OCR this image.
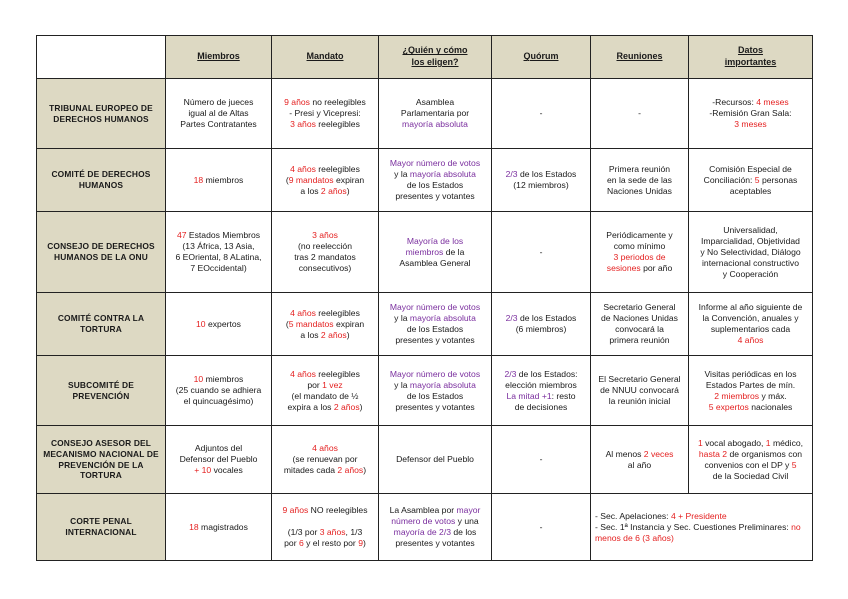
	Miembros	Mandato	¿Quién y cómo
los eligen?	Quórum	Reuniones	Datos
importantes
TRIBUNAL EUROPEO DE DERECHOS HUMANOS	Número de jueces
igual al de Altas
Partes Contratantes	9 años no reelegibles
- Presi y Vicepresi:
3 años reelegibles	Asamblea
Parlamentaria por
mayoría absoluta	-	-	-Recursos: 4 meses
-Remisión Gran Sala:
3 meses
COMITÉ DE DERECHOS HUMANOS	18 miembros	4 años reelegibles
(9 mandatos expiran
a los 2 años)	Mayor número de votos
y la mayoría absoluta
de los Estados
presentes y votantes	2/3 de los Estados
(12 miembros)	Primera reunión
en la sede de las
Naciones Unidas	Comisión Especial de
Conciliación: 5 personas
aceptables
CONSEJO DE DERECHOS HUMANOS DE LA ONU	47 Estados Miembros
(13 África, 13 Asia,
6 EOriental, 8 ALatina,
7 EOccidental)	3 años
(no reelección
tras 2 mandatos
consecutivos)	Mayoría de los
miembros de la
Asamblea General	-	Periódicamente y
como mínimo
3 periodos de
sesiones por año	Universalidad,
Imparcialidad, Objetividad
y No Selectividad, Diálogo
internacional constructivo
y Cooperación
COMITÉ CONTRA LA TORTURA	10 expertos	4 años reelegibles
(5 mandatos expiran
a los 2 años)	Mayor número de votos
y la mayoría absoluta
de los Estados
presentes y votantes	2/3 de los Estados
(6 miembros)	Secretario General
de Naciones Unidas
convocará la
primera reunión	Informe al año siguiente de
la Convención, anuales y
suplementarios cada
4 años
SUBCOMITÉ DE PREVENCIÓN	10 miembros
(25 cuando se adhiera
el quincuagésimo)	4 años reelegibles
por 1 vez
(el mandato de ½
expira a los 2 años)	Mayor número de votos
y la mayoría absoluta
de los Estados
presentes y votantes	2/3 de los Estados:
elección miembros
La mitad +1: resto
de decisiones	El Secretario General
de NNUU convocará
la reunión inicial	Visitas periódicas en los
Estados Partes de mín.
2 miembros y máx.
5 expertos nacionales
CONSEJO ASESOR DEL MECANISMO NACIONAL DE PREVENCIÓN DE LA TORTURA	Adjuntos del
Defensor del Pueblo
+ 10 vocales	4 años
(se renuevan por
mitades cada 2 años)	Defensor del Pueblo	-	Al menos 2 veces
al año	1 vocal abogado, 1 médico,
hasta 2 de organismos con
convenios con el DP y 5
de la Sociedad Civil
CORTE PENAL INTERNACIONAL	18 magistrados	9 años NO reelegibles

(1/3 por 3 años, 1/3
por 6 y el resto por 9)	La Asamblea por mayor
número de votos y una
mayoría de 2/3 de los
presentes y votantes	-	- Sec. Apelaciones: 4 + Presidente
- Sec. 1ª Instancia y Sec. Cuestiones Preliminares: no menos de 6 (3 años)	
